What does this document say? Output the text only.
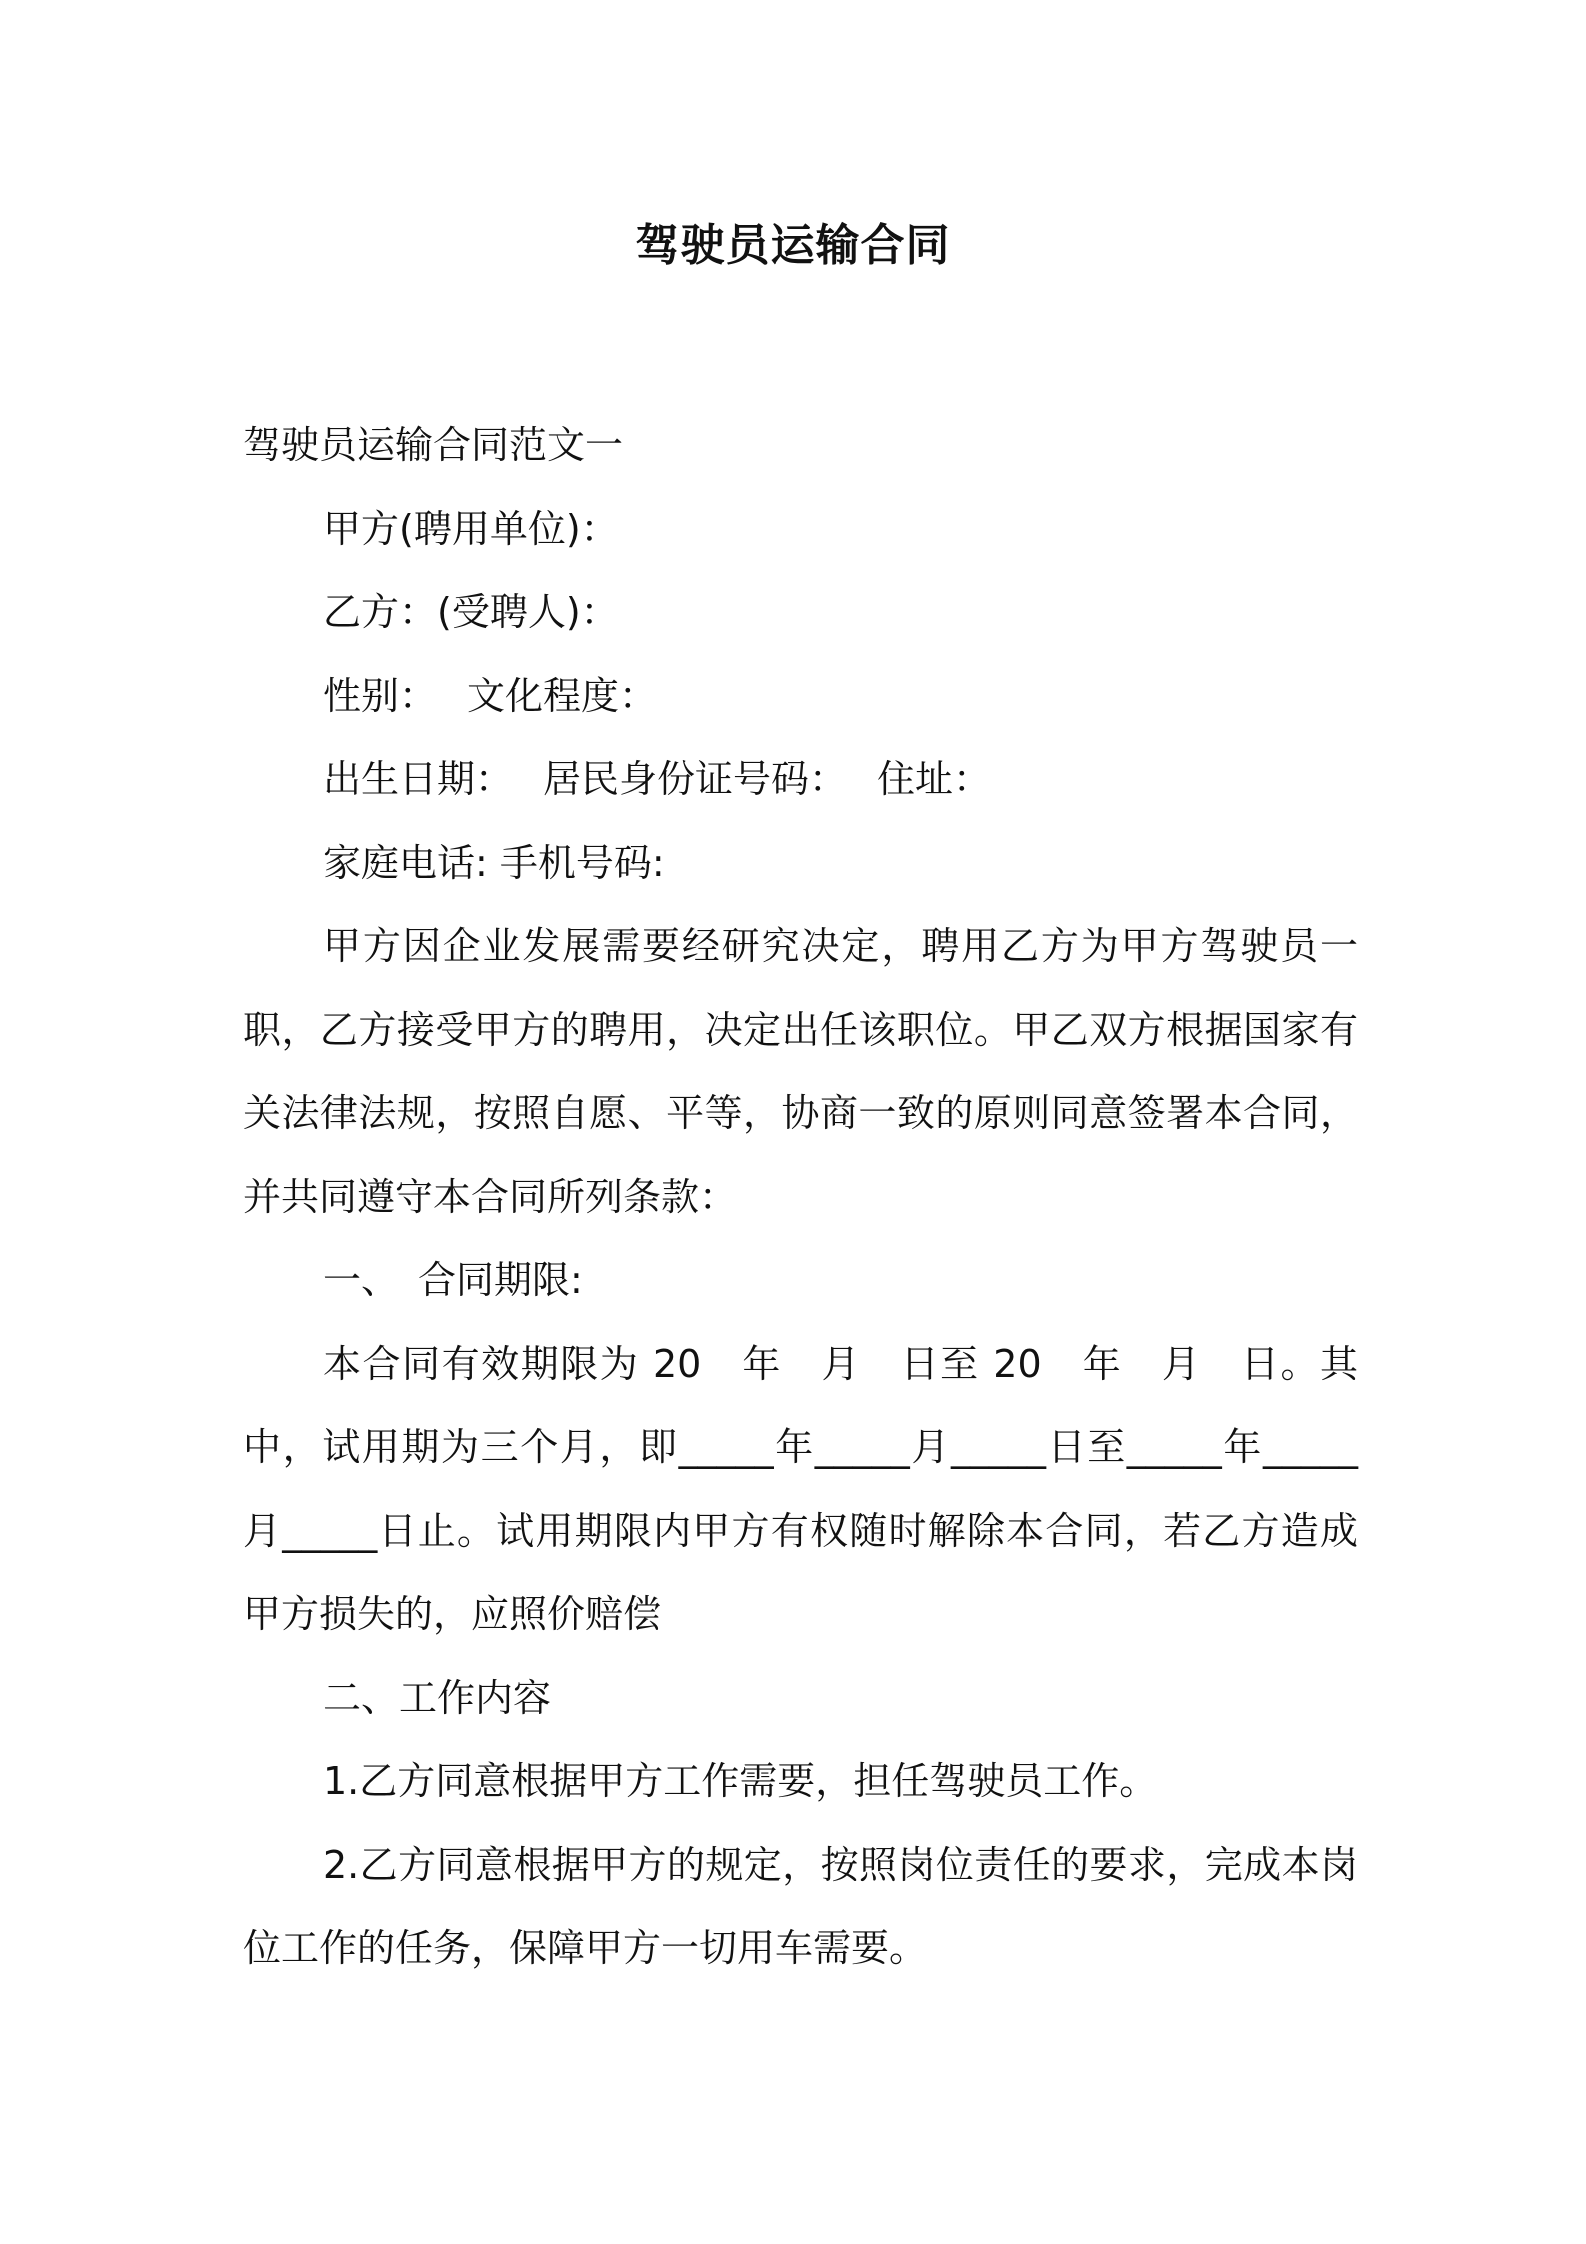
驾驶员运输合同

驾驶员运输合同范文一

甲方(聘用单位)：

乙方：(受聘人)：

性别： 文化程度：

出生日期： 居民身份证号码： 住址：

家庭电话: 手机号码:

甲方因企业发展需要经研究决定，聘用乙方为甲方驾驶员一职，乙方接受甲方的聘用，决定出任该职位。甲乙双方根据国家有关法律法规，按照自愿、平等，协商一致的原则同意签署本合同，并共同遵守本合同所列条款：

一、　合同期限:

本合同有效期限为 20　年　月　日至 20　年　月　日。其中，试用期为三个月，即_____年_____月_____日至_____年_____月_____日止。试用期限内甲方有权随时解除本合同，若乙方造成甲方损失的，应照价赔偿

二、工作内容

1.乙方同意根据甲方工作需要，担任驾驶员工作。

2.乙方同意根据甲方的规定，按照岗位责任的要求，完成本岗位工作的任务，保障甲方一切用车需要。
